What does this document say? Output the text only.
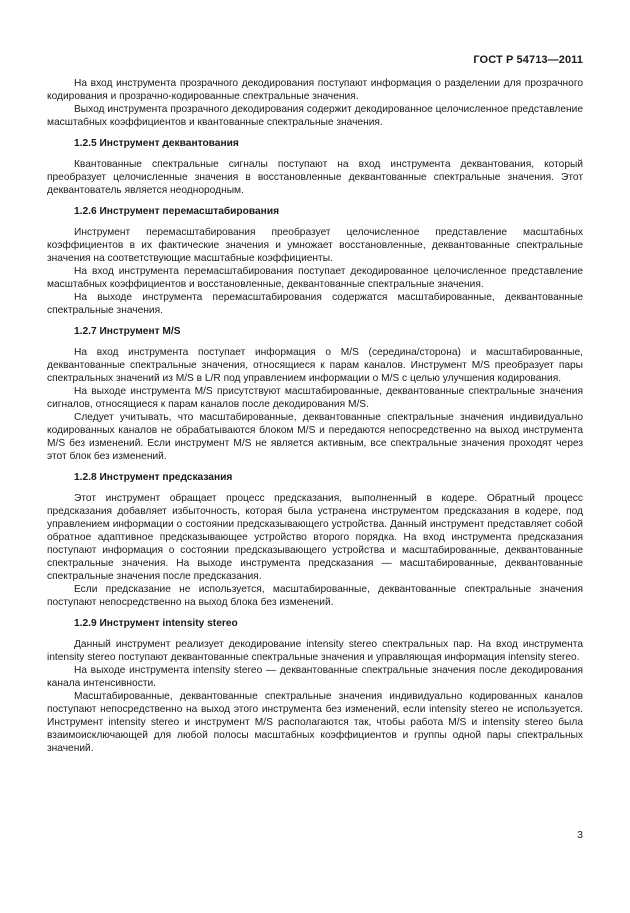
ГОСТ Р 54713—2011

На вход инструмента прозрачного декодирования поступают информация о разделении для прозрачного кодирования и прозрачно-кодированные спектральные значения.

Выход инструмента прозрачного декодирования содержит декодированное целочисленное представление масштабных коэффициентов и квантованные спектральные значения.

1.2.5 Инструмент деквантования

Квантованные спектральные сигналы поступают на вход инструмента деквантования, который преобразует целочисленные значения в восстановленные деквантованные спектральные значения. Этот деквантователь является неоднородным.

1.2.6 Инструмент перемасштабирования

Инструмент перемасштабирования преобразует целочисленное представление масштабных коэффициентов в их фактические значения и умножает восстановленные, деквантованные спектральные значения на соответствующие масштабные коэффициенты.

На вход инструмента перемасштабирования поступает декодированное целочисленное представление масштабных коэффициентов и восстановленные, деквантованные спектральные значения.

На выходе инструмента перемасштабирования содержатся масштабированные, деквантованные спектральные значения.

1.2.7 Инструмент M/S

На вход инструмента поступает информация о M/S (середина/сторона) и масштабированные, деквантованные спектральные значения, относящиеся к парам каналов. Инструмент M/S преобразует пары спектральных значений из M/S в L/R под управлением информации о M/S с целью улучшения кодирования.

На выходе инструмента M/S присутствуют масштабированные, деквантованные спектральные значения сигналов, относящиеся к парам каналов после декодирования M/S.

Следует учитывать, что масштабированные, деквантованные спектральные значения индивидуально кодированных каналов не обрабатываются блоком M/S и передаются непосредственно на выход инструмента M/S без изменений. Если инструмент M/S не является активным, все спектральные значения проходят через этот блок без изменений.

1.2.8 Инструмент предсказания

Этот инструмент обращает процесс предсказания, выполненный в кодере. Обратный процесс предсказания добавляет избыточность, которая была устранена инструментом предсказания в кодере, под управлением информации о состоянии предсказывающего устройства. Данный инструмент представляет собой обратное адаптивное предсказывающее устройство второго порядка. На вход инструмента предсказания поступают информация о состоянии предсказывающего устройства и масштабированные, деквантованные спектральные значения. На выходе инструмента предсказания — масштабированные, деквантованные спектральные значения после предсказания.

Если предсказание не используется, масштабированные, деквантованные спектральные значения поступают непосредственно на выход блока без изменений.

1.2.9 Инструмент intensity stereo

Данный инструмент реализует декодирование intensity stereo спектральных пар. На вход инструмента intensity stereo поступают деквантованные спектральные значения и управляющая информация intensity stereo.

На выходе инструмента intensity stereo — деквантованные спектральные значения после декодирования канала интенсивности.

Масштабированные, деквантованные спектральные значения индивидуально кодированных каналов поступают непосредственно на выход этого инструмента без изменений, если intensity stereo не используется. Инструмент intensity stereo и инструмент M/S располагаются так, чтобы работа M/S и intensity stereo была взаимоисключающей для любой полосы масштабных коэффициентов и группы одной пары спектральных значений.

3
